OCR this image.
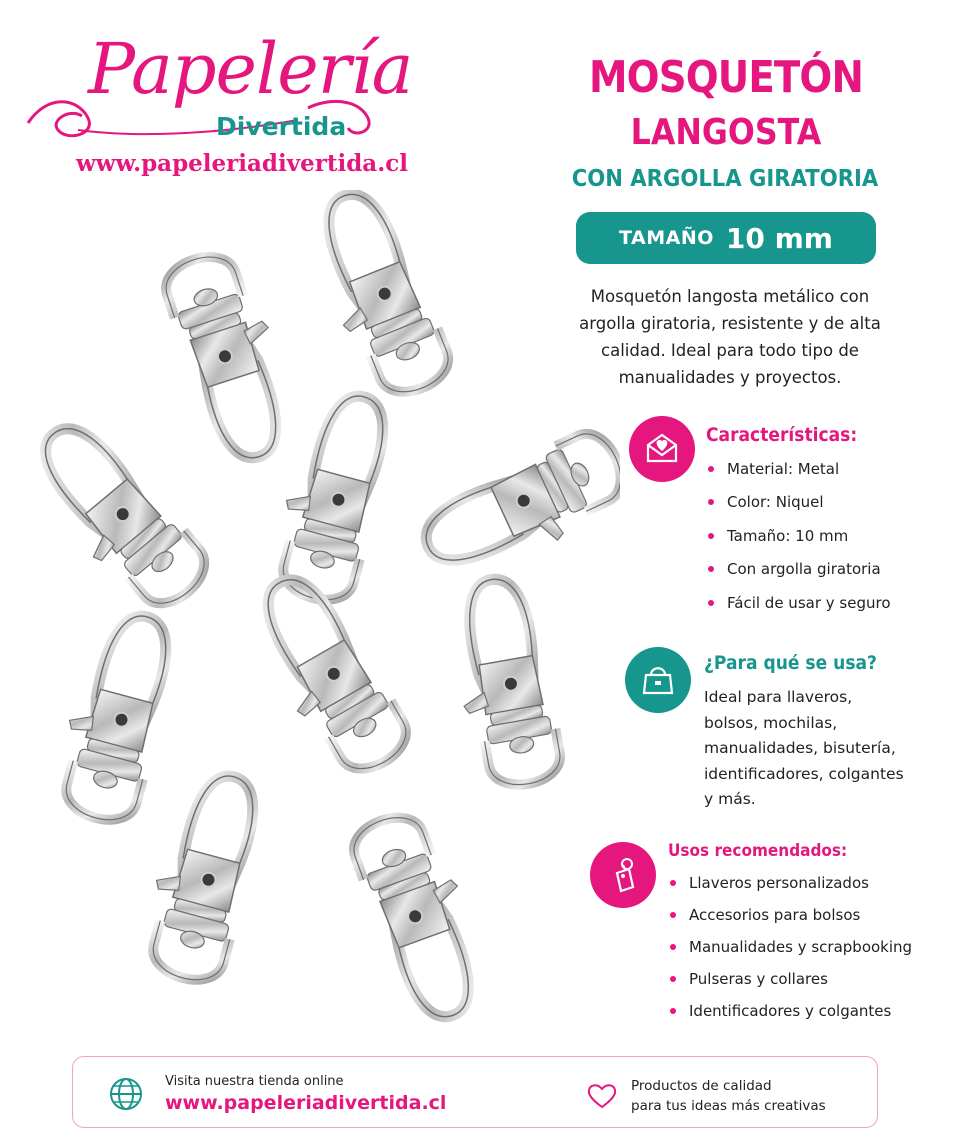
Papelería
Divertida
www.papeleriadivertida.cl
MOSQUETÓN
LANGOSTA
CON ARGOLLA GIRATORIA
TAMAÑO 10 mm
Mosquetón langosta metálico con argolla giratoria, resistente y de alta calidad. Ideal para todo tipo de manualidades y proyectos.
Características:
Material: Metal
Color: Niquel
Tamaño: 10 mm
Con argolla giratoria
Fácil de usar y seguro
¿Para qué se usa?
Ideal para llaveros,
bolsos, mochilas,
manualidades, bisutería,
identificadores, colgantes
y más.
Usos recomendados:
Llaveros personalizados
Accesorios para bolsos
Manualidades y scrapbooking
Pulseras y collares
Identificadores y colgantes
Visita nuestra tienda online
www.papeleriadivertida.cl
Productos de calidad
para tus ideas más creativas
